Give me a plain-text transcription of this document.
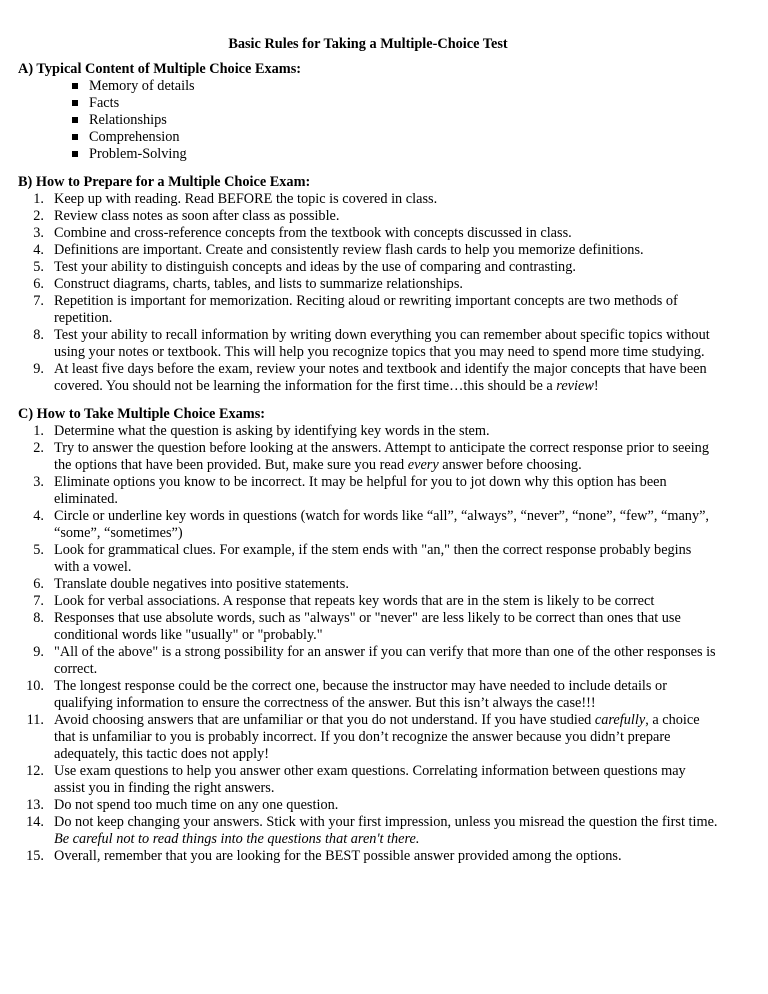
Basic Rules for Taking a Multiple-Choice Test
A) Typical Content of Multiple Choice Exams:
Memory of details
Facts
Relationships
Comprehension
Problem-Solving
B) How to Prepare for a Multiple Choice Exam:
1. Keep up with reading. Read BEFORE the topic is covered in class.
2. Review class notes as soon after class as possible.
3. Combine and cross-reference concepts from the textbook with concepts discussed in class.
4. Definitions are important. Create and consistently review flash cards to help you memorize definitions.
5. Test your ability to distinguish concepts and ideas by the use of comparing and contrasting.
6. Construct diagrams, charts, tables, and lists to summarize relationships.
7. Repetition is important for memorization. Reciting aloud or rewriting important concepts are two methods of repetition.
8. Test your ability to recall information by writing down everything you can remember about specific topics without using your notes or textbook. This will help you recognize topics that you may need to spend more time studying.
9. At least five days before the exam, review your notes and textbook and identify the major concepts that have been covered. You should not be learning the information for the first time…this should be a review!
C) How to Take Multiple Choice Exams:
1. Determine what the question is asking by identifying key words in the stem.
2. Try to answer the question before looking at the answers. Attempt to anticipate the correct response prior to seeing the options that have been provided. But, make sure you read every answer before choosing.
3. Eliminate options you know to be incorrect. It may be helpful for you to jot down why this option has been eliminated.
4. Circle or underline key words in questions (watch for words like “all”, “always”, “never”, “none”, “few”, “many”, “some”, “sometimes”)
5. Look for grammatical clues. For example, if the stem ends with "an," then the correct response probably begins with a vowel.
6. Translate double negatives into positive statements.
7. Look for verbal associations. A response that repeats key words that are in the stem is likely to be correct
8. Responses that use absolute words, such as "always" or "never" are less likely to be correct than ones that use conditional words like "usually" or "probably."
9. "All of the above" is a strong possibility for an answer if you can verify that more than one of the other responses is correct.
10. The longest response could be the correct one, because the instructor may have needed to include details or qualifying information to ensure the correctness of the answer. But this isn’t always the case!!!
11. Avoid choosing answers that are unfamiliar or that you do not understand. If you have studied carefully, a choice that is unfamiliar to you is probably incorrect. If you don’t recognize the answer because you didn’t prepare adequately, this tactic does not apply!
12. Use exam questions to help you answer other exam questions. Correlating information between questions may assist you in finding the right answers.
13. Do not spend too much time on any one question.
14. Do not keep changing your answers. Stick with your first impression, unless you misread the question the first time. Be careful not to read things into the questions that aren't there.
15. Overall, remember that you are looking for the BEST possible answer provided among the options.
